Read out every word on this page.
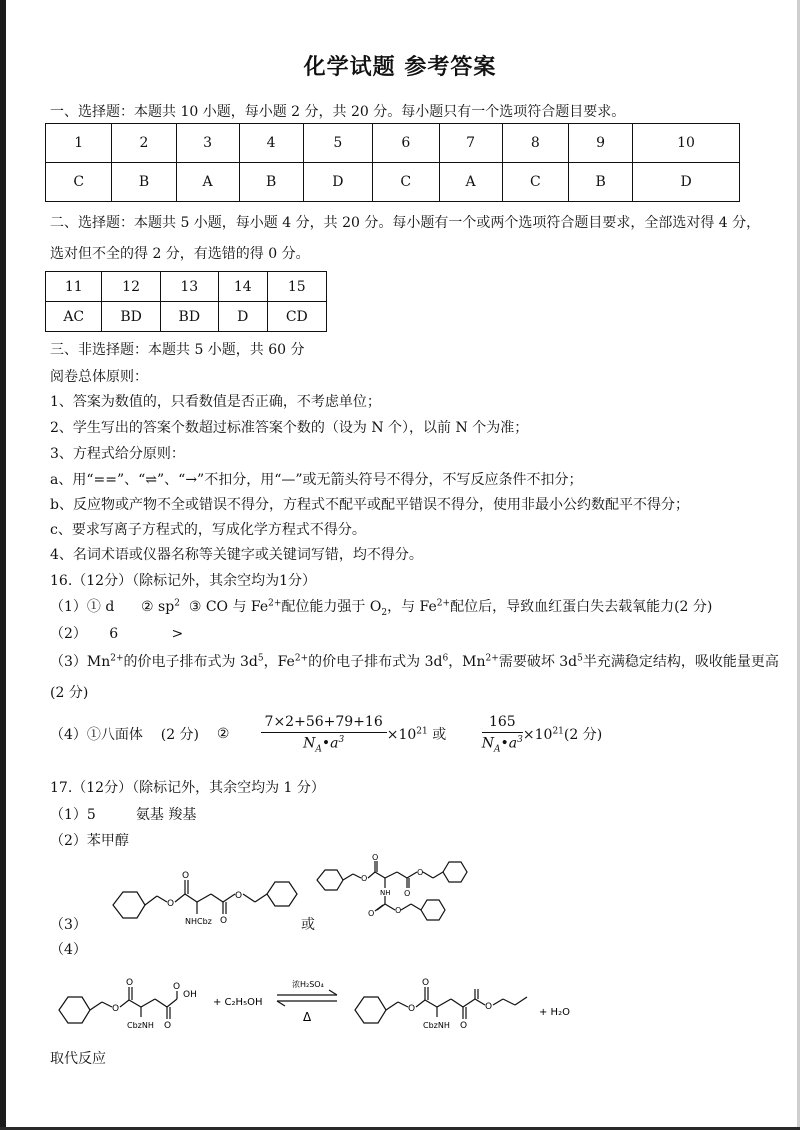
化学试题 参考答案
一、选择题：本题共 10 小题，每小题 2 分，共 20 分。每小题只有一个选项符合题目要求。
1	2	3	4	5	6	7	8	9	10
C	B	A	B	D	C	A	C	B	D
二、选择题：本题共 5 小题，每小题 4 分，共 20 分。每小题有一个或两个选项符合题目要求，全部选对得 4 分，
选对但不全的得 2 分，有选错的得 0 分。
11	12	13	14	15
AC	BD	BD	D	CD
三、非选择题：本题共 5 小题，共 60 分
阅卷总体原则：
1、答案为数值的，只看数值是否正确，不考虑单位；
2、学生写出的答案个数超过标准答案个数的（设为 N 个），以前 N 个为准；
3、方程式给分原则：
a、用“==”、“⇌”、“→”不扣分，用“—”或无箭头符号不得分，不写反应条件不扣分；
b、反应物或产物不全或错误不得分，方程式不配平或配平错误不得分，使用非最小公约数配平不得分；
c、要求写离子方程式的，写成化学方程式不得分。
4、名词术语或仪器名称等关键字或关键词写错，均不得分。
16.（12分）（除标记外，其余空均为1分）
（1）① d ② $sp^2$ ③ CO 与 $Fe^{2+}$配位能力强于 $O_2$，与 $Fe^{2+}$配位后，导致血红蛋白失去载氧能力(2 分)
（2） 6	>
$(3)Mn^{2+}$的价电子排布式为 $3d^5$，$Fe^{2+}$的价电子排布式为 $3d^6$，$Mn^{2+}$需要破坏 $3d^5$半充满稳定结构，吸收能量更高
(2 分)
（4）①八面体 (2 分) ② $\frac{7\times 2+56+79+16}{N_A•a^3} \times 10^{21}$ 或	$\frac{165}{N_A•a^3} \times 10^{21}(2$ 分)
17.（12分）（除标记外，其余空均为 1 分）
（1）5	氨基 羧基
（2）苯甲醇
（3）
（4）
O
O
O
O
NHCbz	或
O
O
O
O
NH
O	O
O
O
O
O
OH
CbzNH
+ C₂H₅OH
浓H₂SO₄
Δ
O
O
O
O
CbzNH
+ H₂O
取代反应
